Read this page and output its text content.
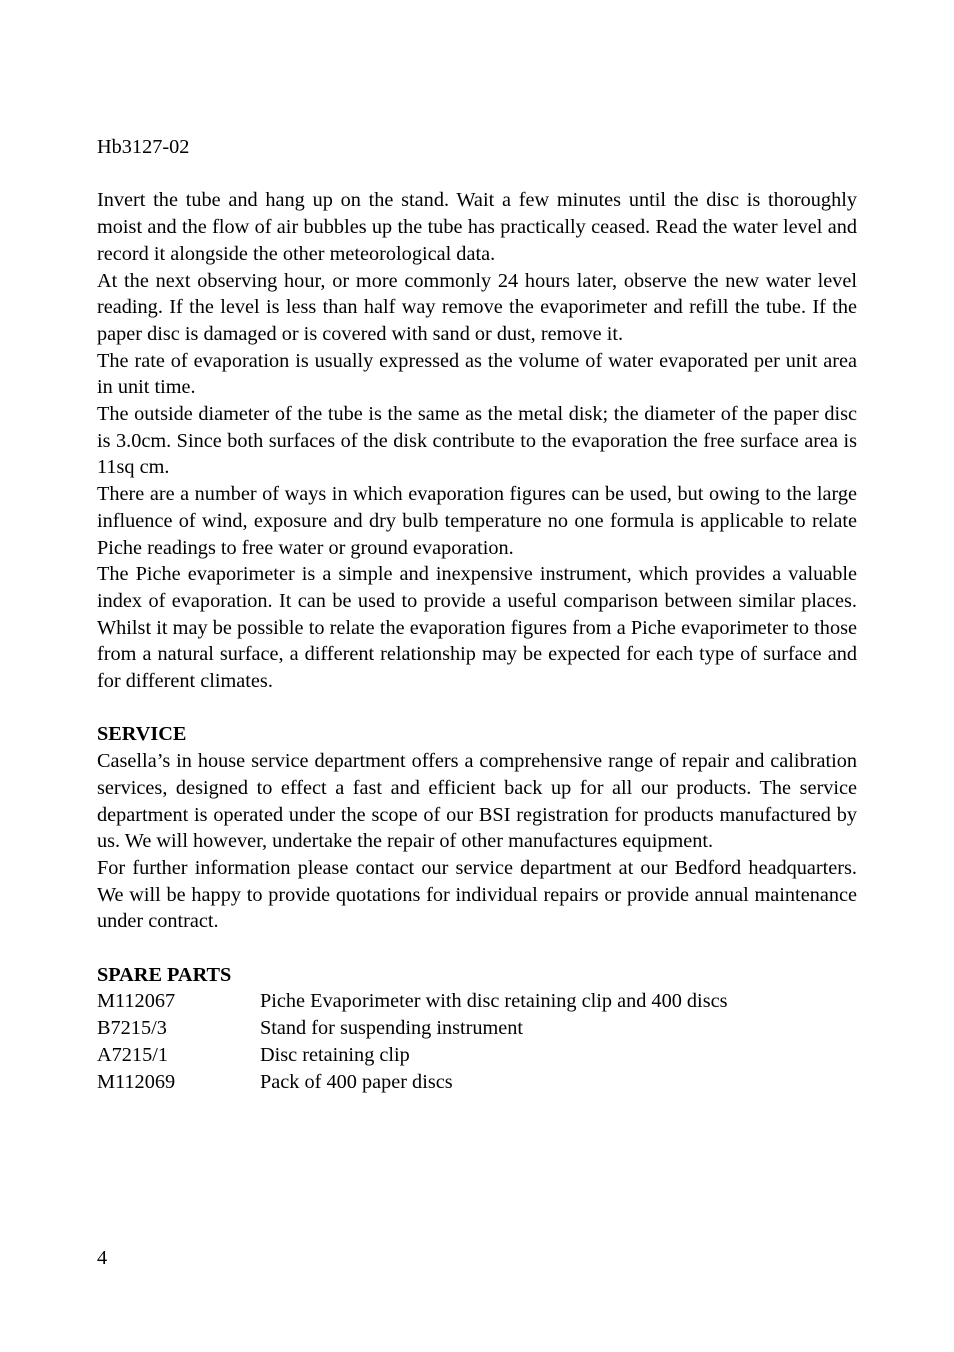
Hb3127-02

Invert the tube and hang up on the stand. Wait a few minutes until the disc is thoroughly moist and the flow of air bubbles up the tube has practically ceased. Read the water level and record it alongside the other meteorological data.

At the next observing hour, or more commonly 24 hours later, observe the new water level reading. If the level is less than half way remove the evaporimeter and refill the tube. If the paper disc is damaged or is covered with sand or dust, remove it.

The rate of evaporation is usually expressed as the volume of water evaporated per unit area in unit time.

The outside diameter of the tube is the same as the metal disk; the diameter of the paper disc is 3.0cm. Since both surfaces of the disk contribute to the evaporation the free surface area is 11sq cm.

There are a number of ways in which evaporation figures can be used, but owing to the large influence of wind, exposure and dry bulb temperature no one formula is applicable to relate Piche readings to free water or ground evaporation.

The Piche evaporimeter is a simple and inexpensive instrument, which provides a valuable index of evaporation. It can be used to provide a useful comparison between similar places. Whilst it may be possible to relate the evaporation figures from a Piche evaporimeter to those from a natural surface, a different relationship may be expected for each type of surface and for different climates.

SERVICE

Casella’s in house service department offers a comprehensive range of repair and calibration services, designed to effect a fast and efficient back up for all our products. The service department is operated under the scope of our BSI registration for products manufactured by us. We will however, undertake the repair of other manufactures equipment.

For further information please contact our service department at our Bedford headquarters. We will be happy to provide quotations for individual repairs or provide annual maintenance under contract.

SPARE PARTS

M112067	Piche Evaporimeter with disc retaining clip and 400 discs
B7215/3	Stand for suspending instrument
A7215/1	Disc retaining clip
M112069	Pack of 400 paper discs

4
